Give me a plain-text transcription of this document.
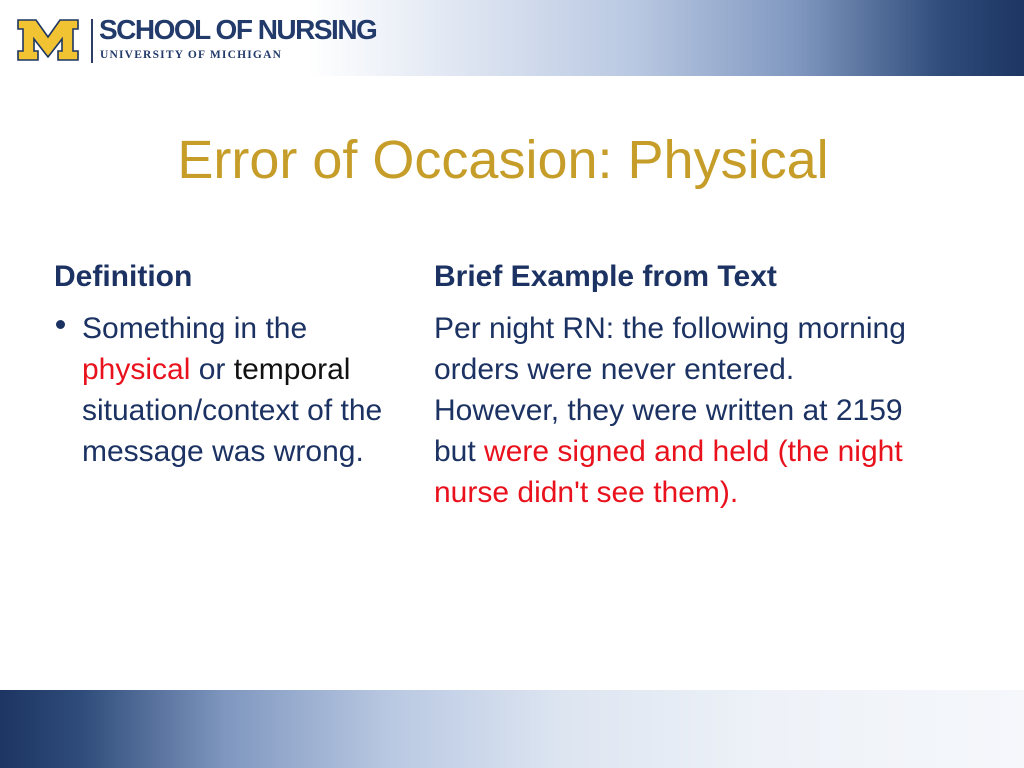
SCHOOL OF NURSING
UNIVERSITY OF MICHIGAN
Error of Occasion: Physical
Definition	Brief Example from Text
Something in the physical or temporal situation/context of the message was wrong.
Per night RN: the following morning orders were never entered. However, they were written at 2159 but were signed and held (the night nurse didn't see them).
